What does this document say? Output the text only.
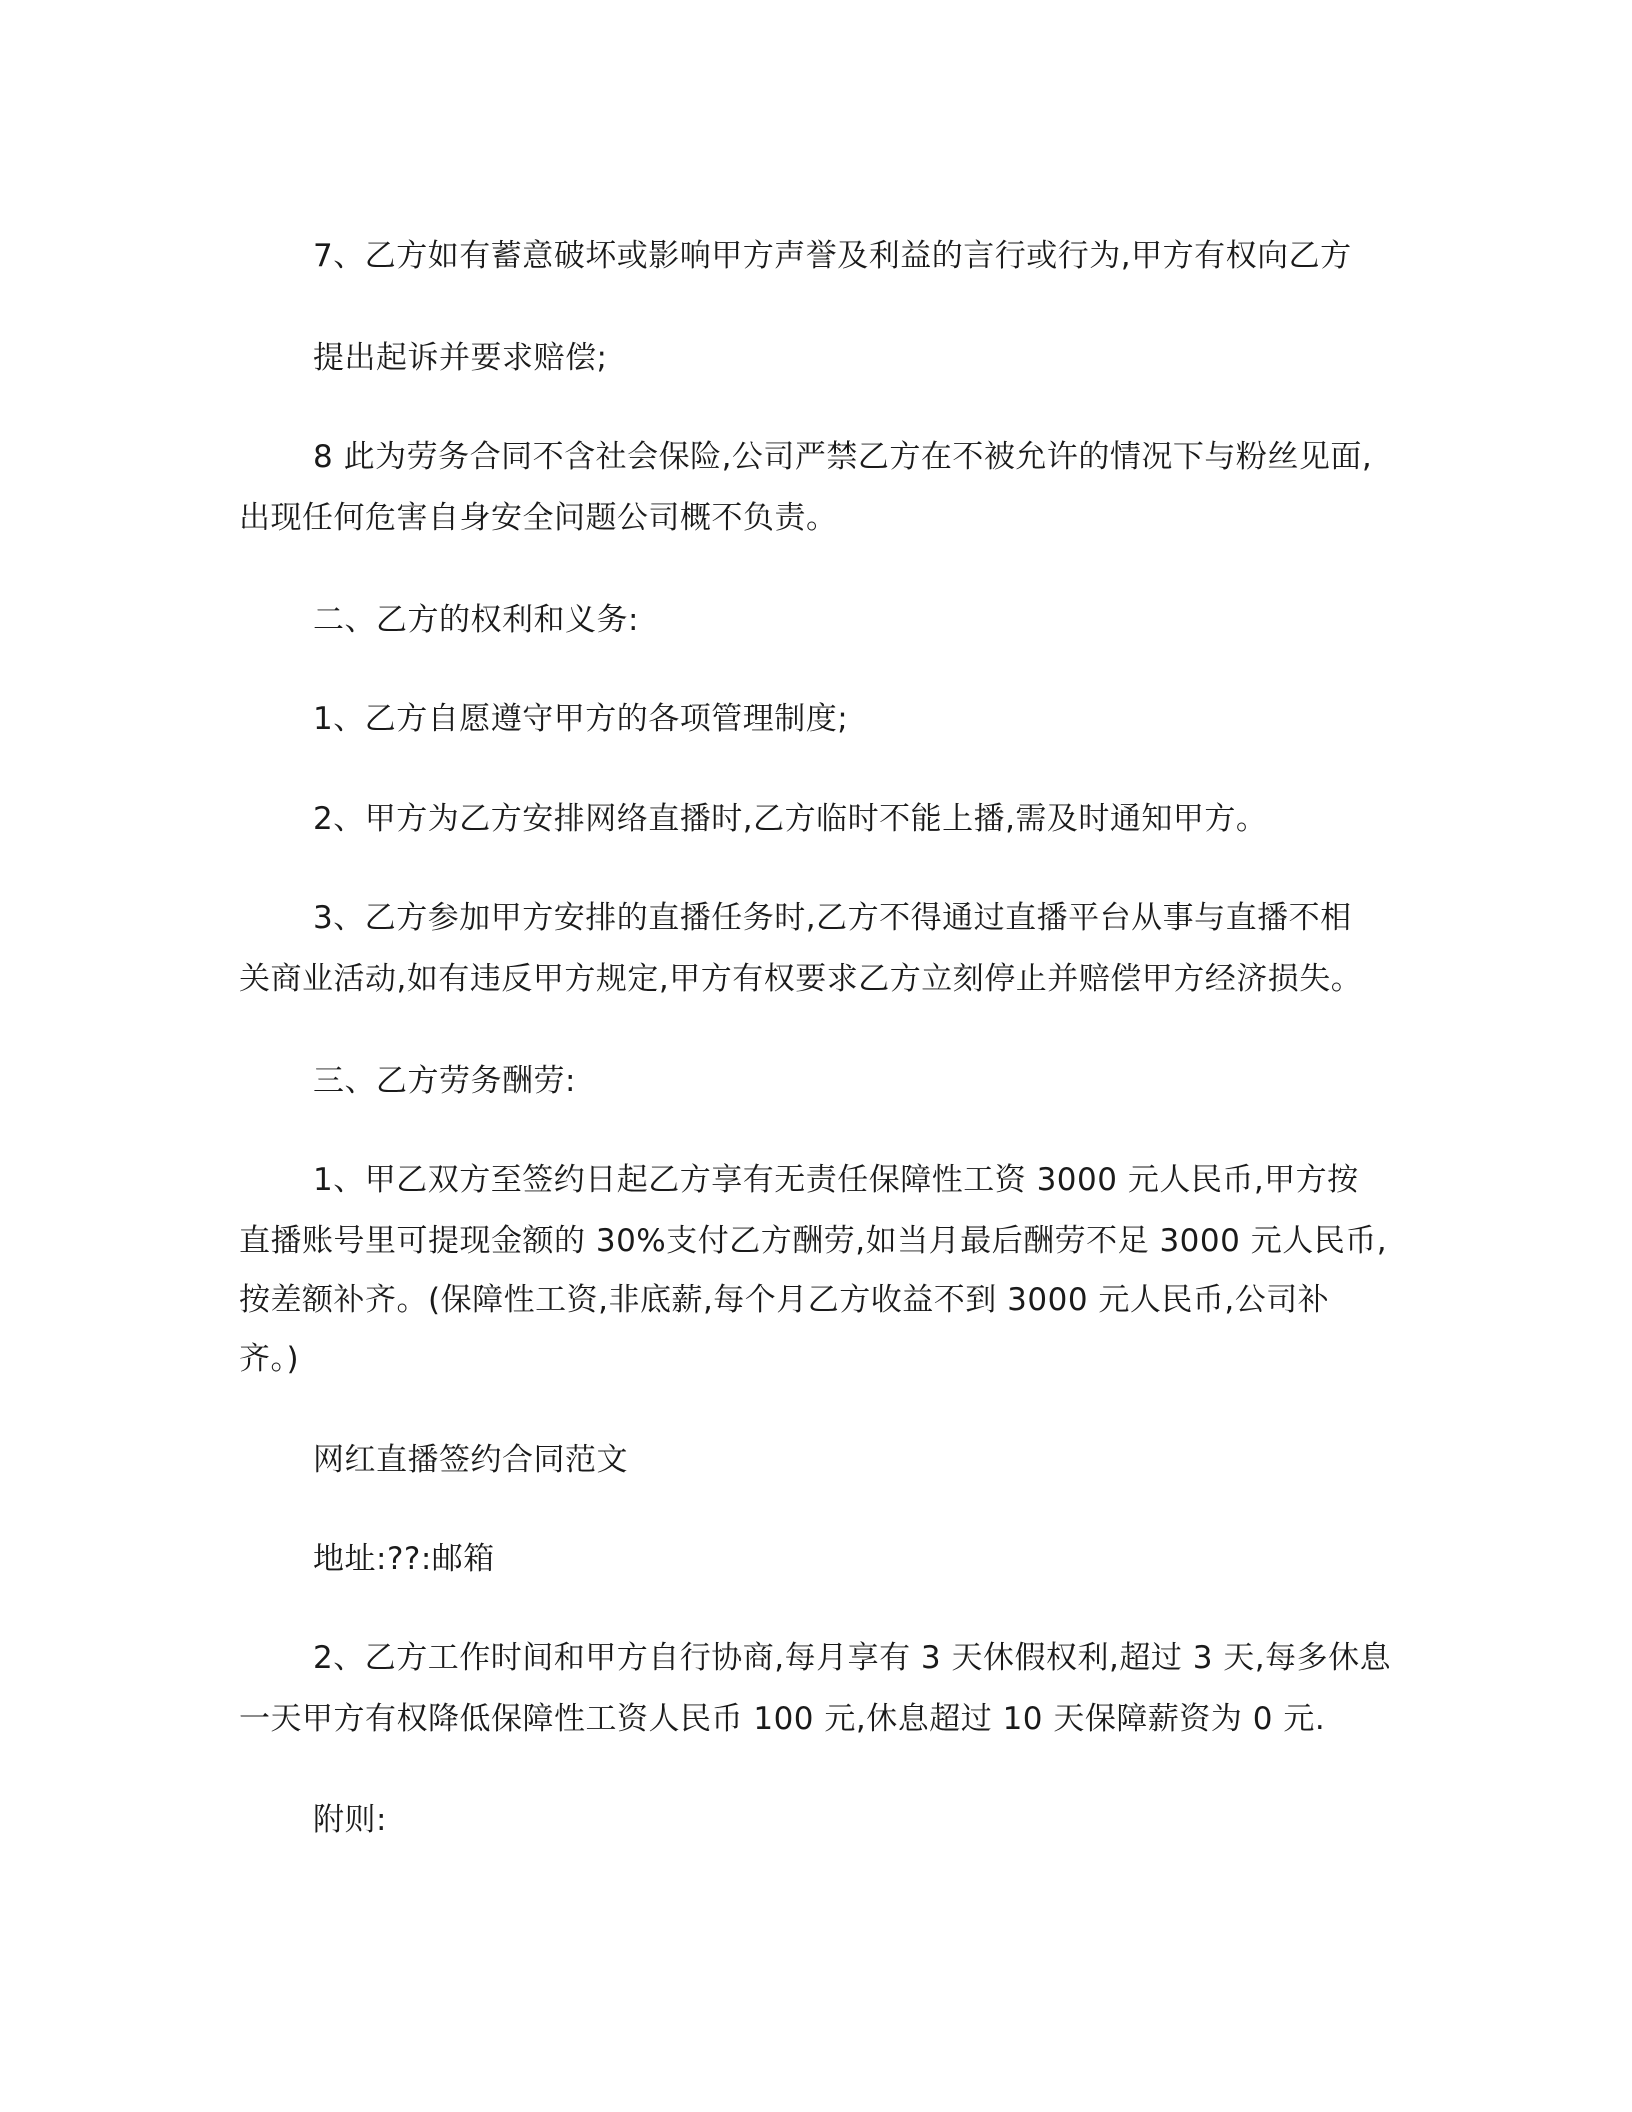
7、乙方如有蓄意破坏或影响甲方声誉及利益的言行或行为,甲方有权向乙方
提出起诉并要求赔偿;
8 此为劳务合同不含社会保险,公司严禁乙方在不被允许的情况下与粉丝见面,
出现任何危害自身安全问题公司概不负责。
二、乙方的权利和义务:
1、乙方自愿遵守甲方的各项管理制度;
2、甲方为乙方安排网络直播时,乙方临时不能上播,需及时通知甲方。
3、乙方参加甲方安排的直播任务时,乙方不得通过直播平台从事与直播不相
关商业活动,如有违反甲方规定,甲方有权要求乙方立刻停止并赔偿甲方经济损失。
三、乙方劳务酬劳:
1、甲乙双方至签约日起乙方享有无责任保障性工资 3000 元人民币,甲方按
直播账号里可提现金额的 30%支付乙方酬劳,如当月最后酬劳不足 3000 元人民币,
按差额补齐。(保障性工资,非底薪,每个月乙方收益不到 3000 元人民币,公司补
齐。)
网红直播签约合同范文
地址:??:邮箱
2、乙方工作时间和甲方自行协商,每月享有 3 天休假权利,超过 3 天,每多休息
一天甲方有权降低保障性工资人民币 100 元,休息超过 10 天保障薪资为 0 元.
附则:
